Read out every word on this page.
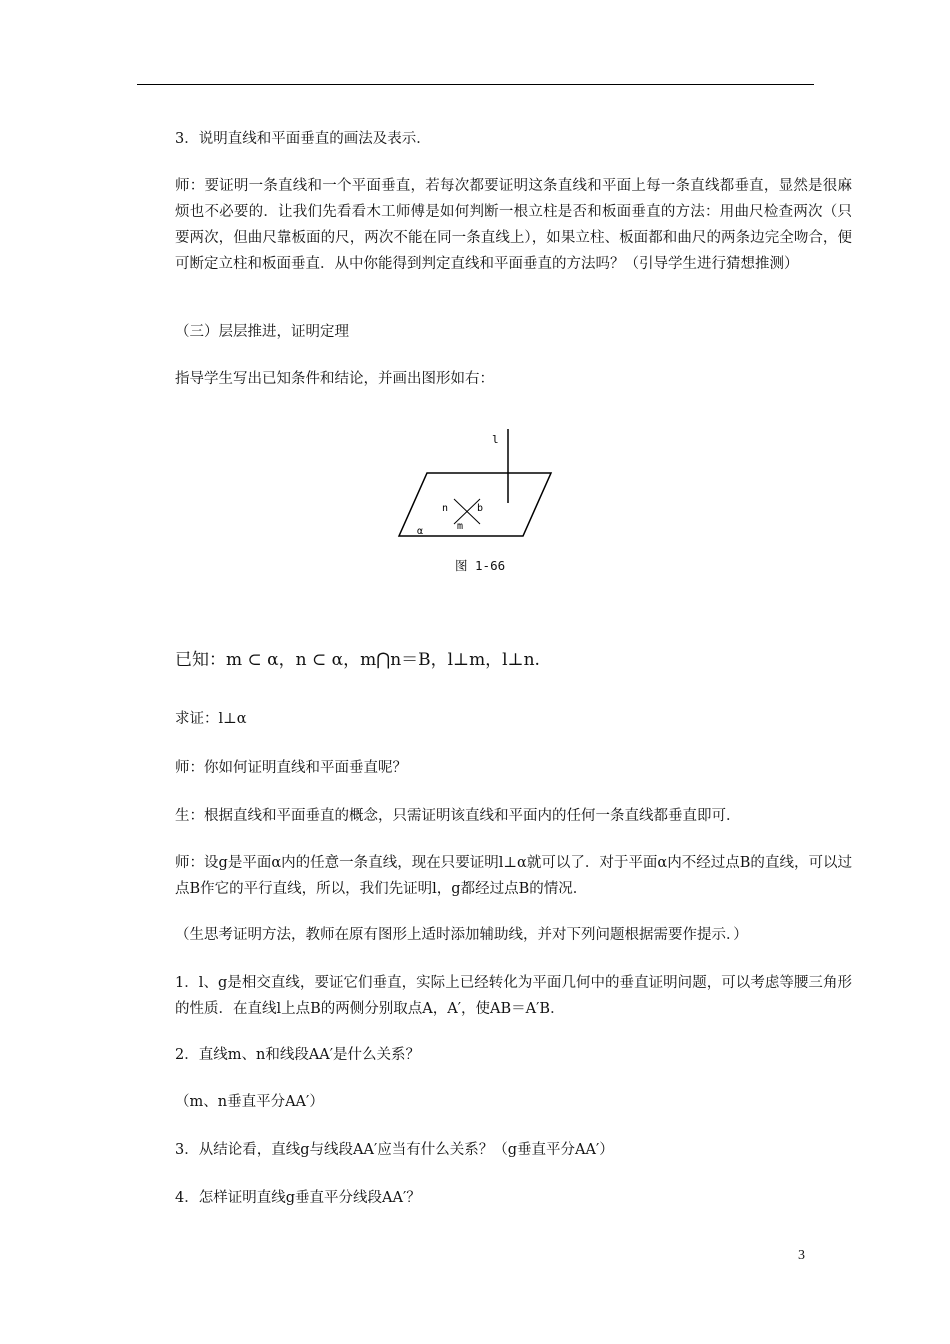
3．说明直线和平面垂直的画法及表示．

师：要证明一条直线和一个平面垂直，若每次都要证明这条直线和平面上每一条直线都垂直，显然是很麻烦也不必要的．让我们先看看木工师傅是如何判断一根立柱是否和板面垂直的方法：用曲尺检查两次（只要两次，但曲尺靠板面的尺，两次不能在同一条直线上），如果立柱、板面都和曲尺的两条边完全吻合，便可断定立柱和板面垂直．从中你能得到判定直线和平面垂直的方法吗？（引导学生进行猜想推测）

（三）层层推进，证明定理

指导学生写出已知条件和结论，并画出图形如右：

l
n	b
m
α
图 1-66
已知：m ⊂ α，n ⊂ α，m⋂n＝B，l⊥m，l⊥n.

求证：l⊥α

师：你如何证明直线和平面垂直呢？

生：根据直线和平面垂直的概念，只需证明该直线和平面内的任何一条直线都垂直即可．

师：设g是平面α内的任意一条直线，现在只要证明l⊥α就可以了．对于平面α内不经过点B的直线，可以过点B作它的平行直线，所以，我们先证明l，g都经过点B的情况．

（生思考证明方法，教师在原有图形上适时添加辅助线，并对下列问题根据需要作提示．）

1．l、g是相交直线，要证它们垂直，实际上已经转化为平面几何中的垂直证明问题，可以考虑等腰三角形的性质．在直线l上点B的两侧分别取点A，A′，使AB＝A′B．

2．直线m、n和线段AA′是什么关系？

（m、n垂直平分AA′）

3．从结论看，直线g与线段AA′应当有什么关系？（g垂直平分AA′）

4．怎样证明直线g垂直平分线段AA′？

3
